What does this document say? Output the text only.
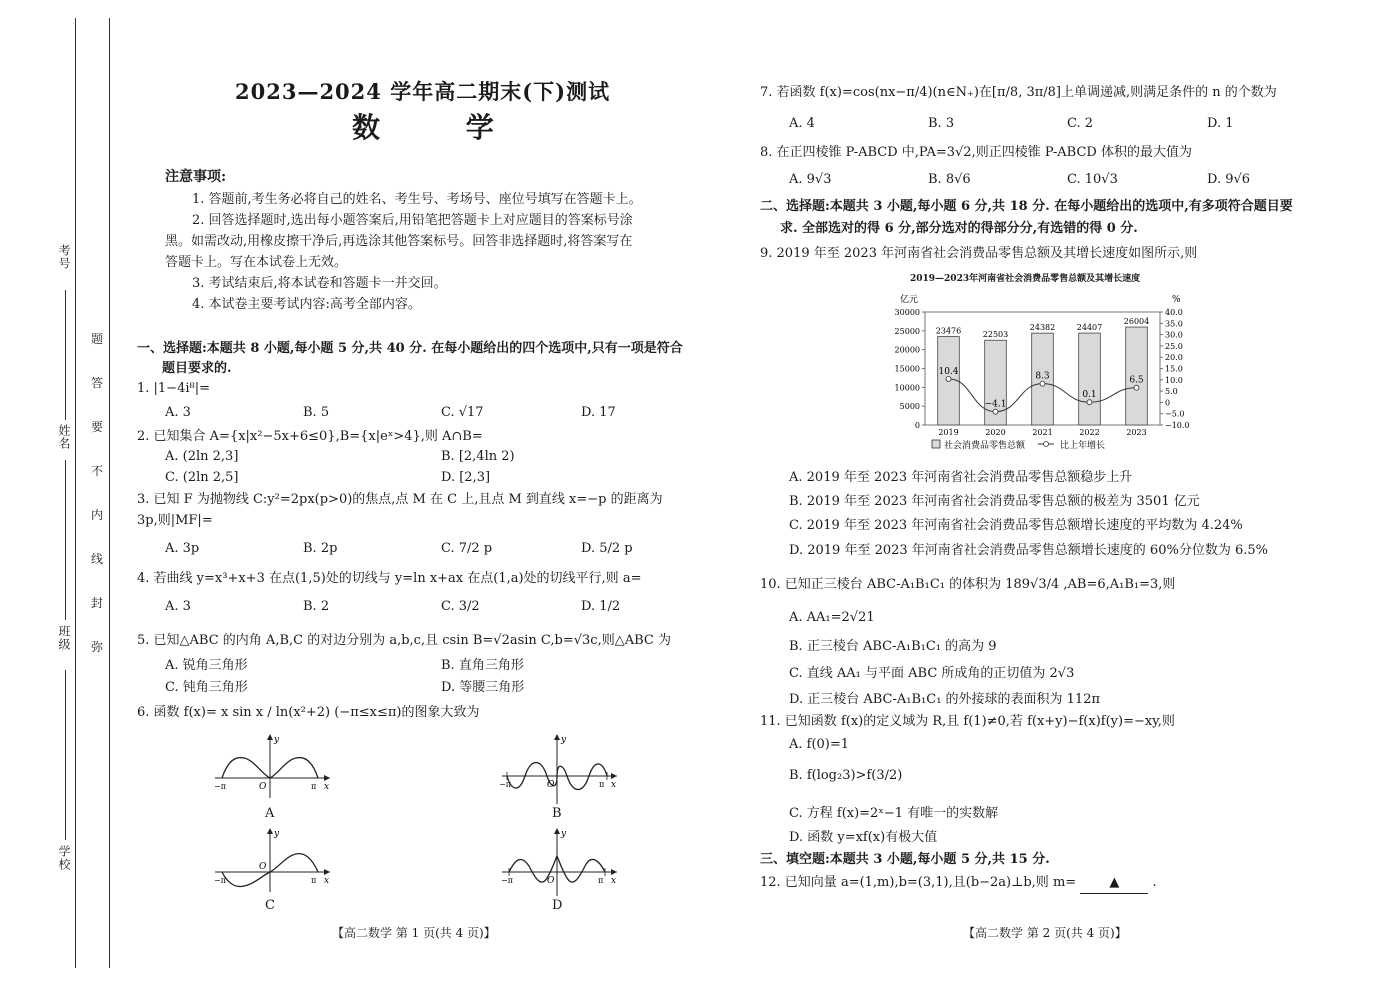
考号
姓名
班级
学校
题
答
要
不
内
线
封
弥
2023—2024 学年高二期末(下)测试
数 学
注意事项:
1. 答题前,考生务必将自己的姓名、考生号、考场号、座位号填写在答题卡上。
2. 回答选择题时,选出每小题答案后,用铅笔把答题卡上对应题目的答案标号涂
黑。如需改动,用橡皮擦干净后,再选涂其他答案标号。回答非选择题时,将答案写在
答题卡上。写在本试卷上无效。
3. 考试结束后,将本试卷和答题卡一并交回。
4. 本试卷主要考试内容:高考全部内容。
一、选择题:本题共 8 小题,每小题 5 分,共 40 分. 在每小题给出的四个选项中,只有一项是符合
题目要求的.
1. |1−4i⁸|=
A. 3	B. 5	C. √17	D. 17
2. 已知集合 A={x|x²−5x+6≤0},B={x|eˣ>4},则 A∩B=
A. (2ln 2,3]	B. [2,4ln 2)
C. (2ln 2,5]	D. [2,3]
3. 已知 F 为抛物线 C:y²=2px(p>0)的焦点,点 M 在 C 上,且点 M 到直线 x=−p 的距离为
3p,则|MF|=
A. 3p	B. 2p	C. 7/2 p	D. 5/2 p
4. 若曲线 y=x³+x+3 在点(1,5)处的切线与 y=ln x+ax 在点(1,a)处的切线平行,则 a=
A. 3	B. 2	C. 3/2	D. 1/2
5. 已知△ABC 的内角 A,B,C 的对边分别为 a,b,c,且 csin B=√2asin C,b=√3c,则△ABC 为
A. 锐角三角形	B. 直角三角形
C. 钝角三角形	D. 等腰三角形
6. 函数 f(x)= x sin x / ln(x²+2) (−π≤x≤π)的图象大致为
y
x
O
−π	π
A
y
x
O
−π	π
B
y
x
O
−π	π
C
y
x
O
−π	π
D
【高二数学 第 1 页(共 4 页)】
7. 若函数 f(x)=cos(nx−π/4)(n∈N₊)在[π/8, 3π/8]上单调递减,则满足条件的 n 的个数为
A. 4	B. 3	C. 2	D. 1
8. 在正四棱锥 P-ABCD 中,PA=3√2,则正四棱锥 P-ABCD 体积的最大值为
A. 9√3	B. 8√6	C. 10√3	D. 9√6
二、选择题:本题共 3 小题,每小题 6 分,共 18 分. 在每小题给出的选项中,有多项符合题目要
求. 全部选对的得 6 分,部分选对的得部分分,有选错的得 0 分.
9. 2019 年至 2023 年河南省社会消费品零售总额及其增长速度如图所示,则
2019—2023年河南省社会消费品零售总额及其增长速度
亿元	%
30000
25000
20000
15000
10000
5000
0
40.0
35.0
30.0
25.0
20.0
15.0
10.0
5.0
0
−5.0
−10.0
23476
2019
22503
2020
24382
2021
24407
2022
26004
2023
10.4
−4.1
8.3
0.1
6.5
社会消费品零售总额	比上年增长
A. 2019 年至 2023 年河南省社会消费品零售总额稳步上升
B. 2019 年至 2023 年河南省社会消费品零售总额的极差为 3501 亿元
C. 2019 年至 2023 年河南省社会消费品零售总额增长速度的平均数为 4.24%
D. 2019 年至 2023 年河南省社会消费品零售总额增长速度的 60%分位数为 6.5%
10. 已知正三棱台 ABC-A₁B₁C₁ 的体积为 189√3/4 ,AB=6,A₁B₁=3,则
A. AA₁=2√21
B. 正三棱台 ABC-A₁B₁C₁ 的高为 9
C. 直线 AA₁ 与平面 ABC 所成角的正切值为 2√3
D. 正三棱台 ABC-A₁B₁C₁ 的外接球的表面积为 112π
11. 已知函数 f(x)的定义域为 R,且 f(1)≠0,若 f(x+y)−f(x)f(y)=−xy,则
A. f(0)=1
B. f(log₂3)>f(3/2)
C. 方程 f(x)=2ˣ−1 有唯一的实数解
D. 函数 y=xf(x)有极大值
三、填空题:本题共 3 小题,每小题 5 分,共 15 分.
12. 已知向量 a=(1,m),b=(3,1),且(b−2a)⊥b,则 m=	▲	.
【高二数学 第 2 页(共 4 页)】
